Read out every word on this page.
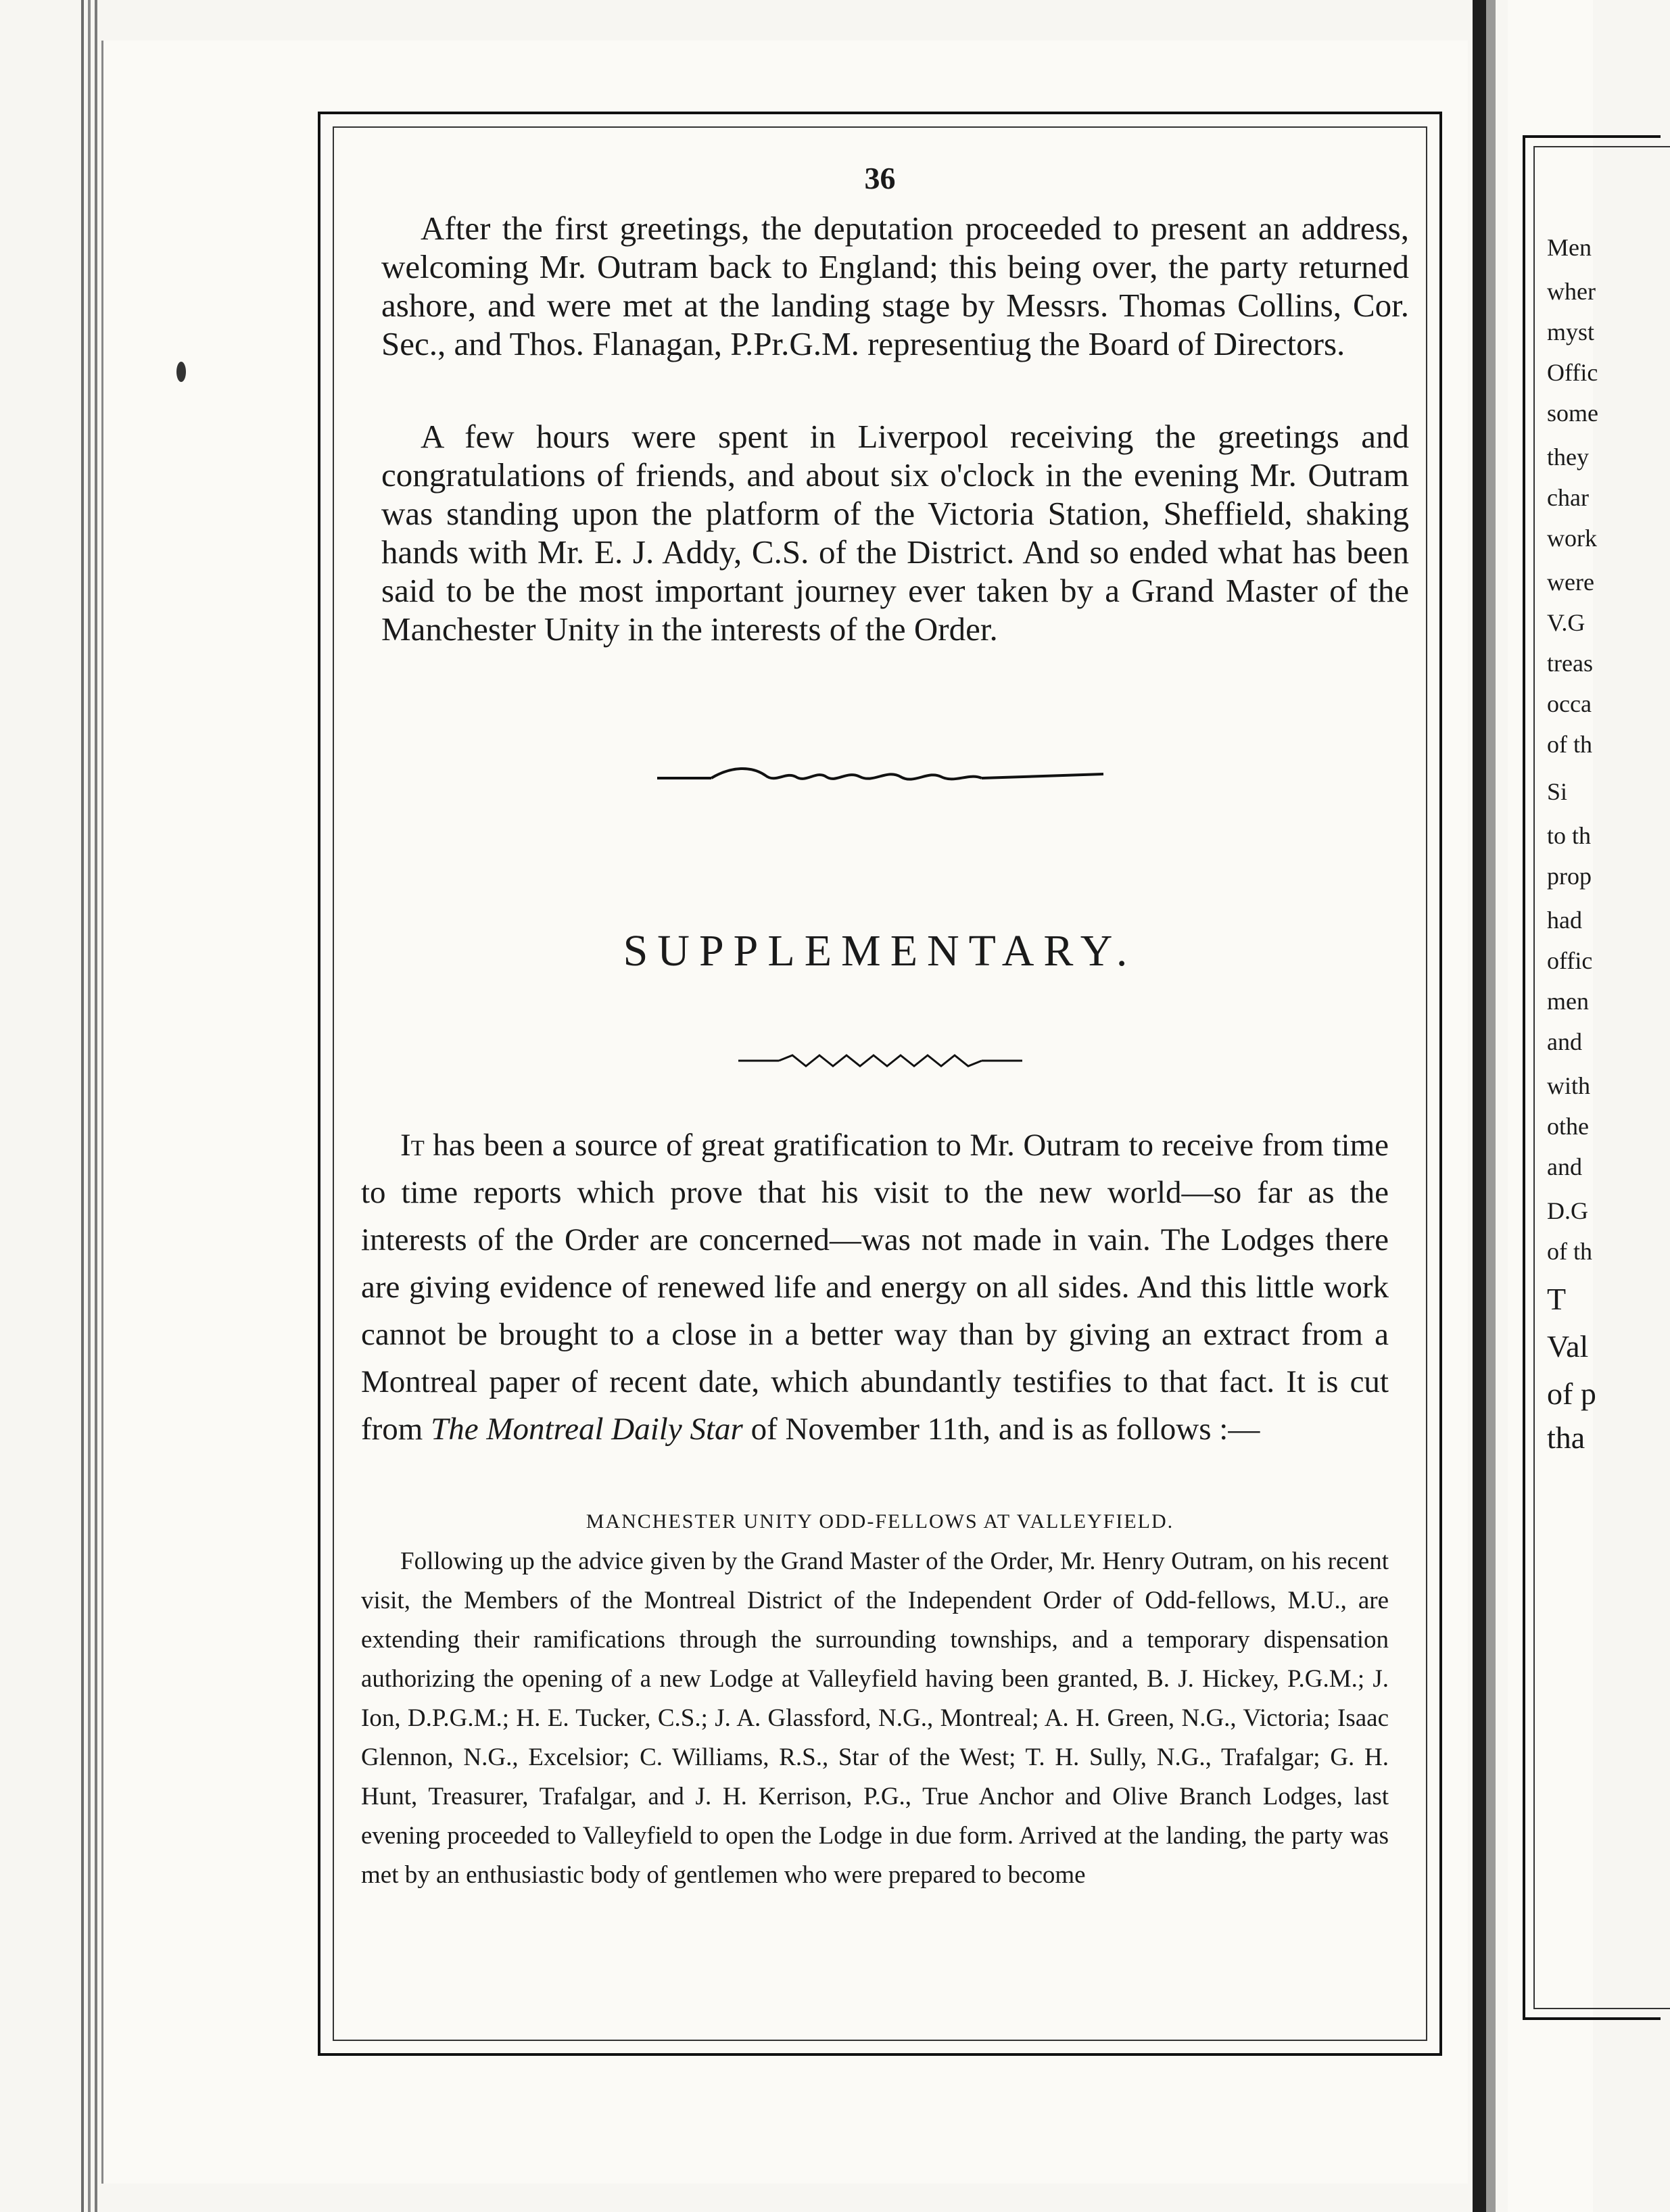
36

After the first greetings, the deputation proceeded to present an address, welcoming Mr. Outram back to England; this being over, the party returned ashore, and were met at the landing stage by Messrs. Thomas Collins, Cor. Sec., and Thos. Flanagan, P.Pr.G.M. representiug the Board of Directors.

A few hours were spent in Liverpool receiving the greetings and congratulations of friends, and about six o'clock in the evening Mr. Outram was standing upon the platform of the Victoria Station, Sheffield, shaking hands with Mr. E. J. Addy, C.S. of the District. And so ended what has been said to be the most important journey ever taken by a Grand Master of the Manchester Unity in the interests of the Order.

SUPPLEMENTARY.

It has been a source of great gratification to Mr. Outram to receive from time to time reports which prove that his visit to the new world—so far as the interests of the Order are concerned—was not made in vain. The Lodges there are giving evidence of renewed life and energy on all sides. And this little work cannot be brought to a close in a better way than by giving an extract from a Montreal paper of recent date, which abundantly testifies to that fact. It is cut from The Montreal Daily Star of November 11th, and is as follows :—

MANCHESTER UNITY ODD-FELLOWS AT VALLEYFIELD.

Following up the advice given by the Grand Master of the Order, Mr. Henry Outram, on his recent visit, the Members of the Montreal District of the Independent Order of Odd-fellows, M.U., are extending their ramifications through the surrounding townships, and a temporary dispensation authorizing the opening of a new Lodge at Valleyfield having been granted, B. J. Hickey, P.G.M.; J. Ion, D.P.G.M.; H. E. Tucker, C.S.; J. A. Glassford, N.G., Montreal; A. H. Green, N.G., Victoria; Isaac Glennon, N.G., Excelsior; C. Williams, R.S., Star of the West; T. H. Sully, N.G., Trafalgar; G. H. Hunt, Treasurer, Trafalgar, and J. H. Kerrison, P.G., True Anchor and Olive Branch Lodges, last evening proceeded to Valleyfield to open the Lodge in due form. Arrived at the landing, the party was met by an enthusiastic body of gentlemen who were prepared to become

Men
wher
myst
Offic
some
they
char
work
were
V.G
treas
occa
of th
Si
to th
prop
had
offic
men
and
with
othe
and
D.G
of th
T
Val
of p
tha
